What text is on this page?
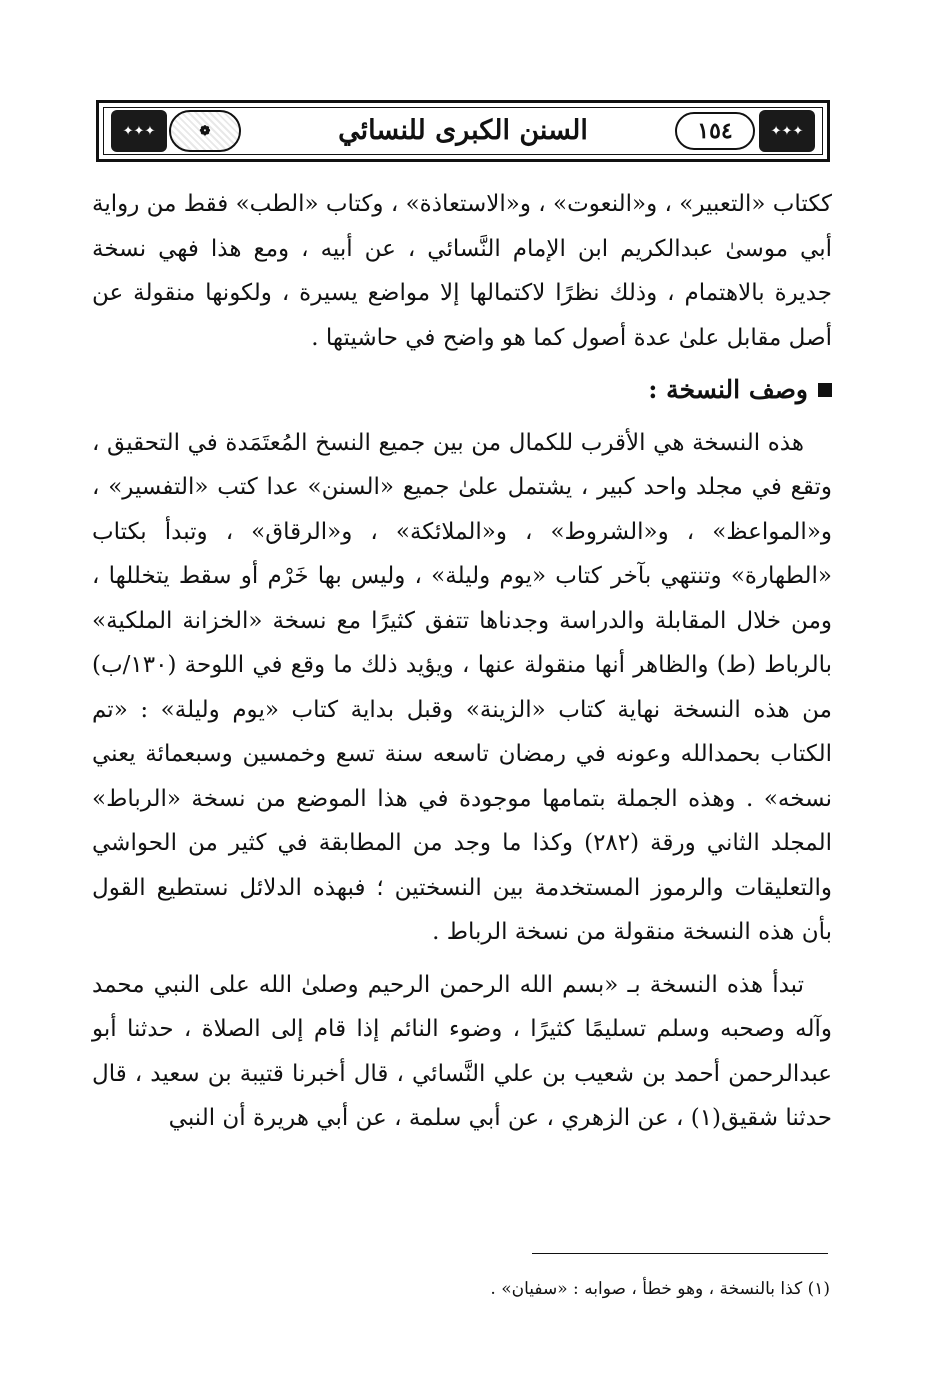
✦✦✦	❁	السنن الكبرى للنسائي	١٥٤	✦✦✦

ككتاب «التعبير» ، و«النعوت» ، و«الاستعاذة» ، وكتاب «الطب» فقط من رواية أبي موسىٰ عبدالكريم ابن الإمام النَّسائي ، عن أبيه ، ومع هذا فهي نسخة جديرة بالاهتمام ، وذلك نظرًا لاكتمالها إلا مواضع يسيرة ، ولكونها منقولة عن أصل مقابل علىٰ عدة أصول كما هو واضح في حاشيتها .

وصف النسخة :

هذه النسخة هي الأقرب للكمال من بين جميع النسخ المُعتَمَدة في التحقيق ، وتقع في مجلد واحد كبير ، يشتمل علىٰ جميع «السنن» عدا كتب «التفسير» ، و«المواعظ» ، و«الشروط» ، و«الملائكة» ، و«الرقاق» ، وتبدأ بكتاب «الطهارة» وتنتهي بآخر كتاب «يوم وليلة» ، وليس بها خَرْم أو سقط يتخللها ، ومن خلال المقابلة والدراسة وجدناها تتفق كثيرًا مع نسخة «الخزانة الملكية» بالرباط (ط) والظاهر أنها منقولة عنها ، ويؤيد ذلك ما وقع في اللوحة (١٣٠/ب) من هذه النسخة نهاية كتاب «الزينة» وقبل بداية كتاب «يوم وليلة» : «تم الكتاب بحمدالله وعونه في رمضان تاسعه سنة تسع وخمسين وسبعمائة يعني نسخه» . وهذه الجملة بتمامها موجودة في هذا الموضع من نسخة «الرباط» المجلد الثاني ورقة (٢٨٢) وكذا ما وجد من المطابقة في كثير من الحواشي والتعليقات والرموز المستخدمة بين النسختين ؛ فبهذه الدلائل نستطيع القول بأن هذه النسخة منقولة من نسخة الرباط .

تبدأ هذه النسخة بـ «بسم الله الرحمن الرحيم وصلىٰ الله على النبي محمد وآله وصحبه وسلم تسليمًا كثيرًا ، وضوء النائم إذا قام إلى الصلاة ، حدثنا أبو عبدالرحمن أحمد بن شعيب بن علي النَّسائي ، قال أخبرنا قتيبة بن سعيد ، قال حدثنا شقيق(١) ، عن الزهري ، عن أبي سلمة ، عن أبي هريرة أن النبي

(١) كذا بالنسخة ، وهو خطأ ، صوابه : «سفيان» .
